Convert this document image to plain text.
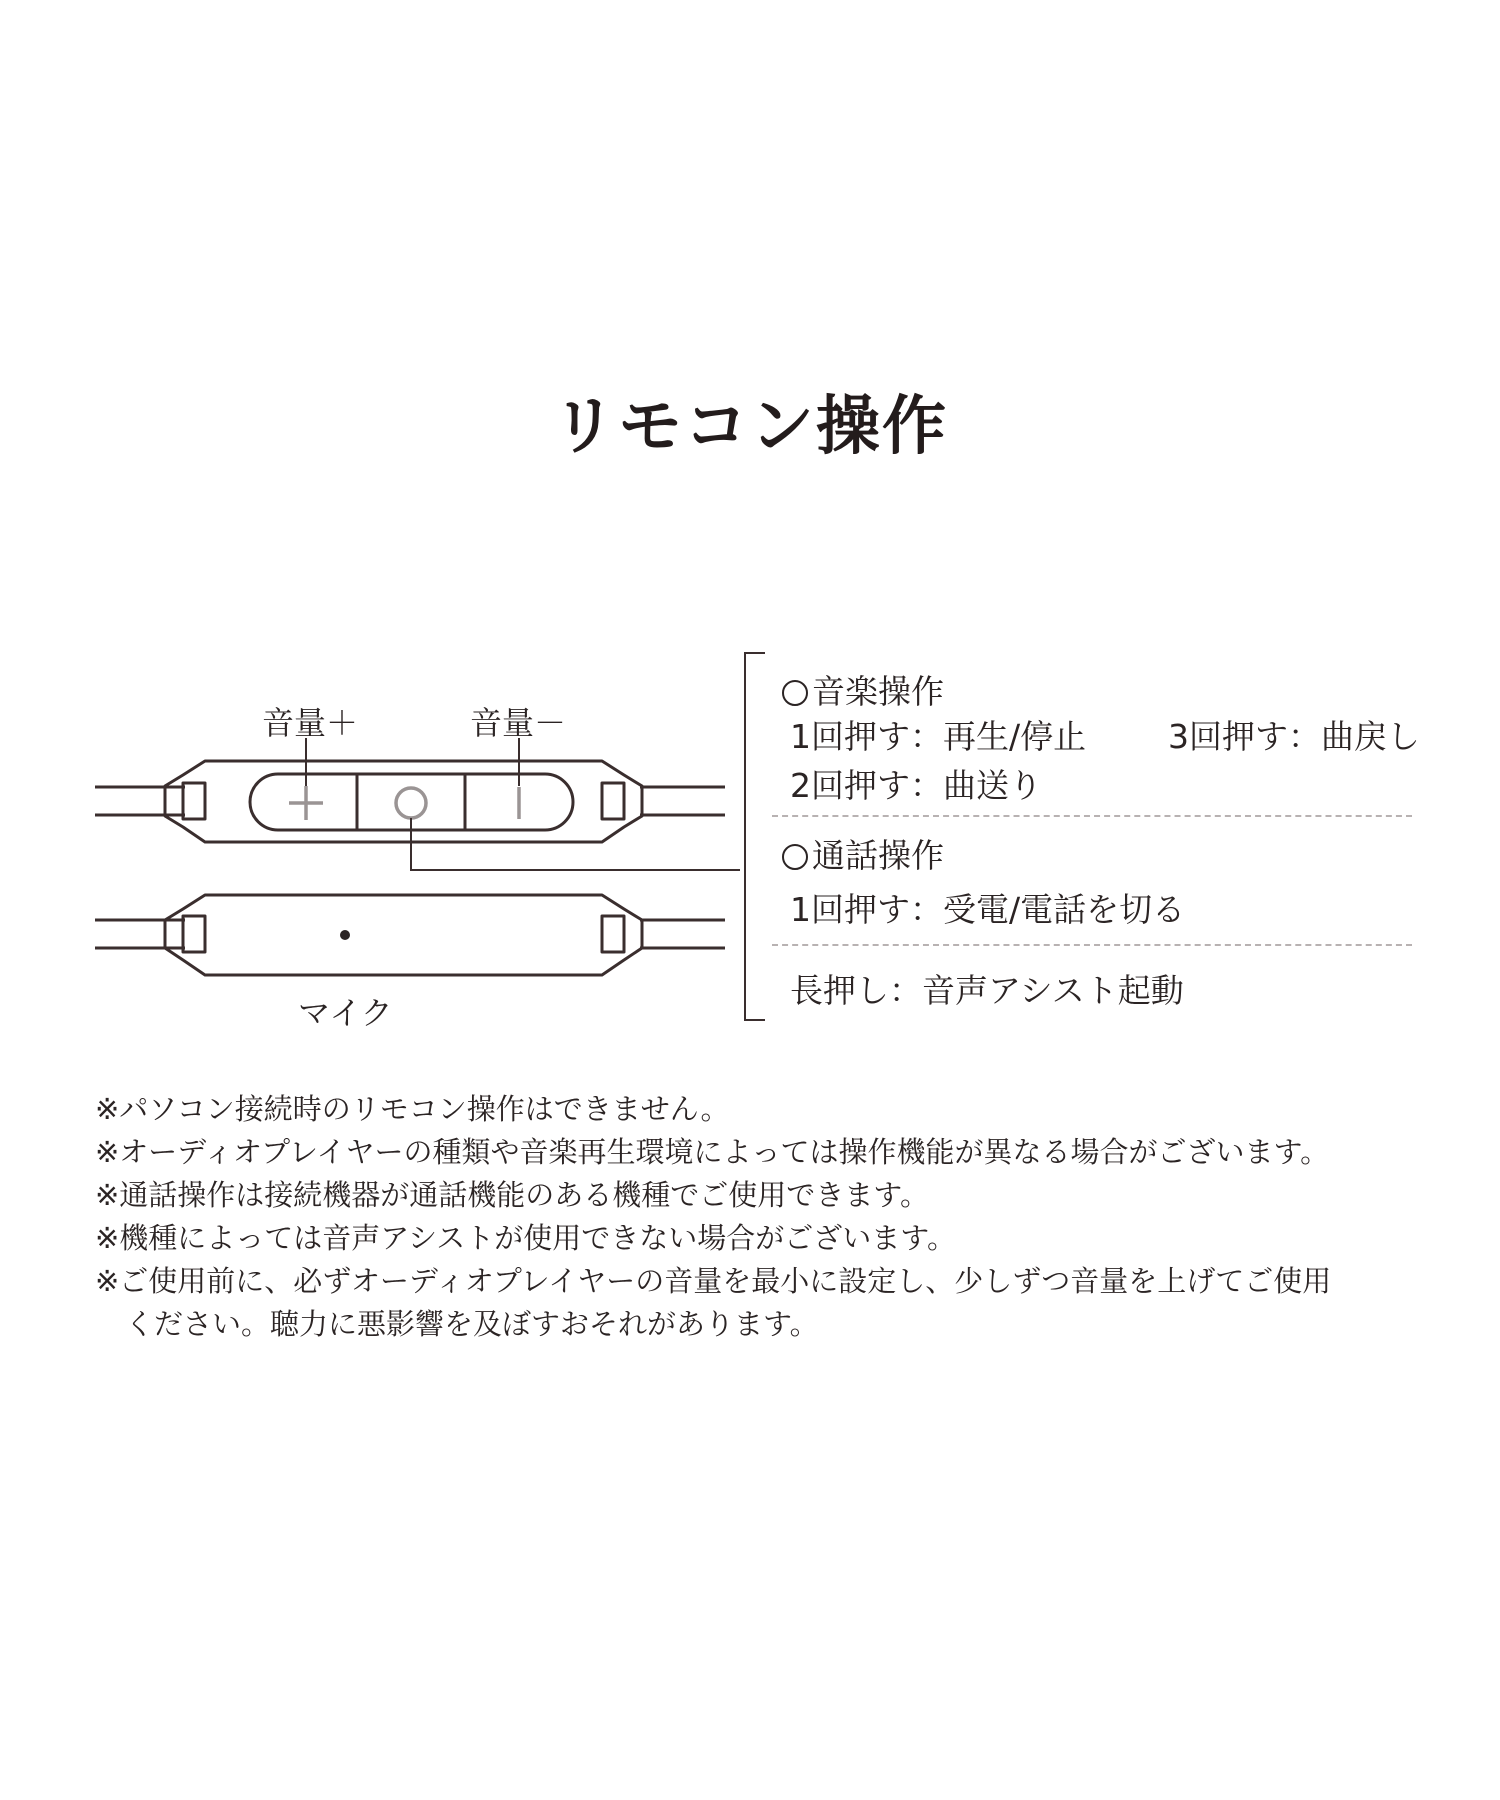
リモコン操作
音量＋	音量－
マイク
音楽操作
1回押す：再生/停止 3回押す：曲戻し
2回押す：曲送り
通話操作
1回押す：受電/電話を切る
長押し：音声アシスト起動
※パソコン接続時のリモコン操作はできません。
※オーディオプレイヤーの種類や音楽再生環境によっては操作機能が異なる場合がございます。
※通話操作は接続機器が通話機能のある機種でご使用できます。
※機種によっては音声アシストが使用できない場合がございます。
※ご使用前に、必ずオーディオプレイヤーの音量を最小に設定し、少しずつ音量を上げてご使用
ください。聴力に悪影響を及ぼすおそれがあります。
